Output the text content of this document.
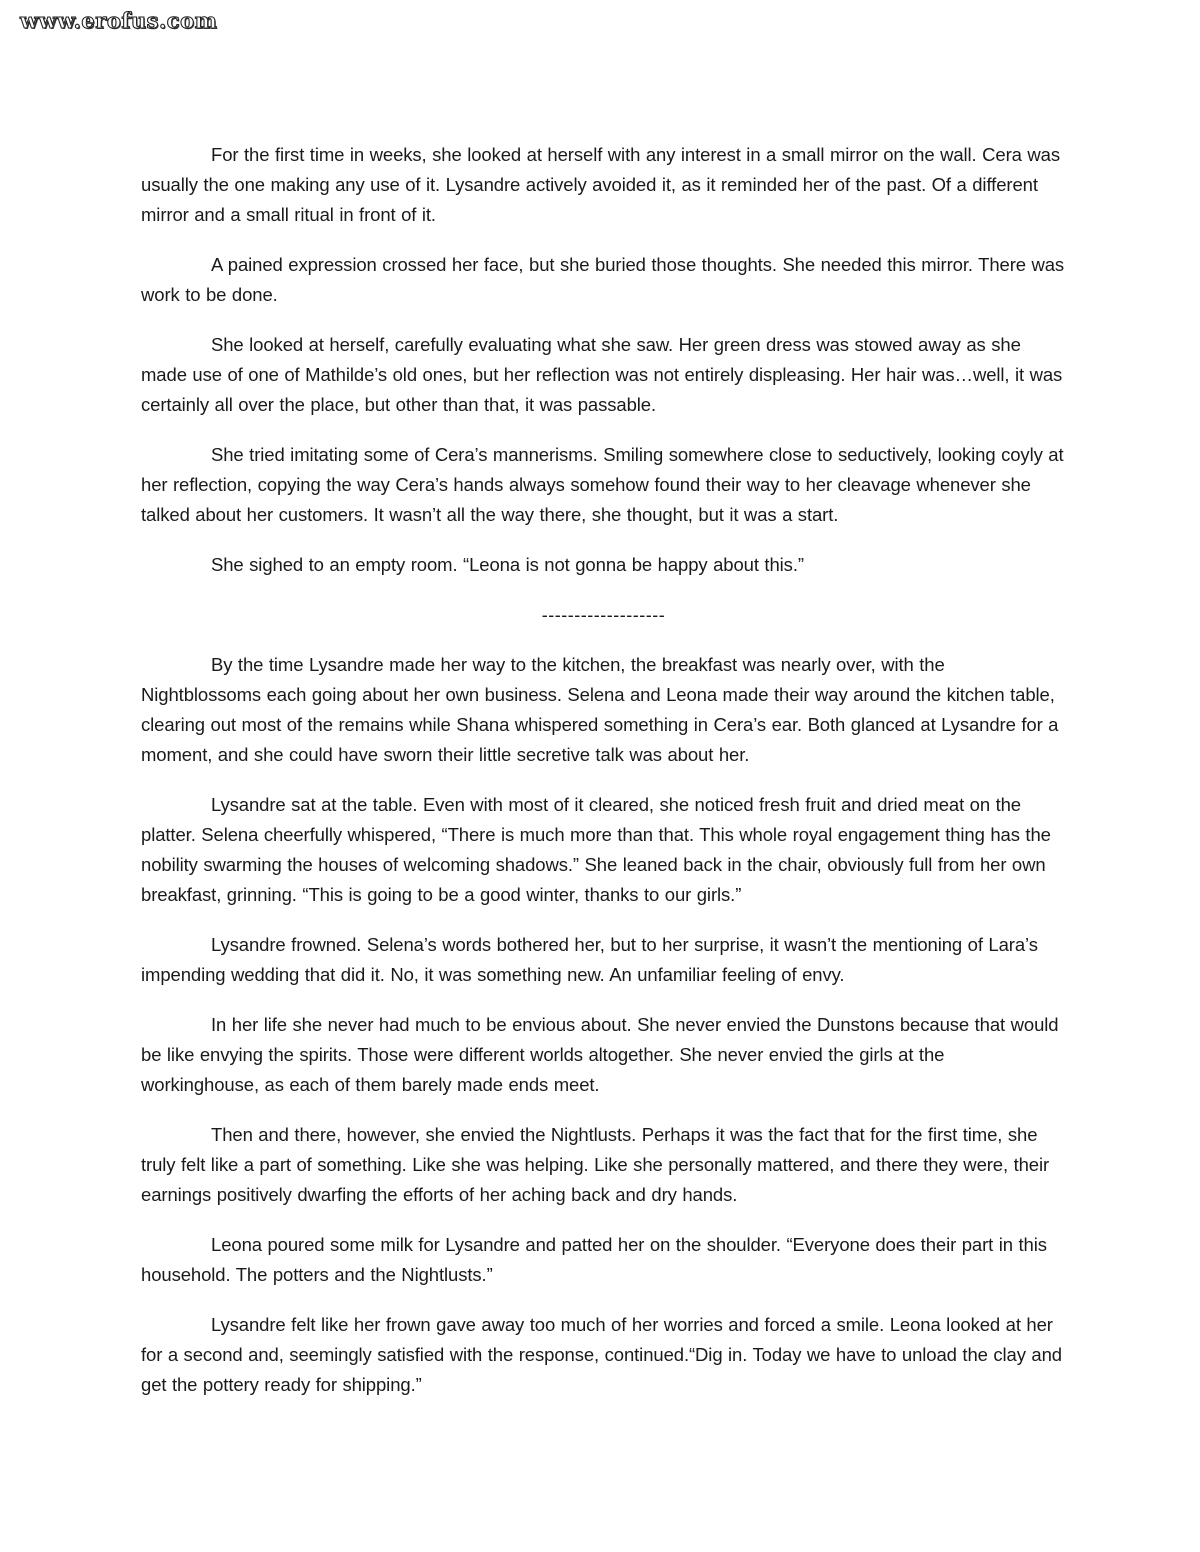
www.erofus.com

For the first time in weeks, she looked at herself with any interest in a small mirror on the wall. Cera was usually the one making any use of it. Lysandre actively avoided it, as it reminded her of the past. Of a different mirror and a small ritual in front of it.

A pained expression crossed her face, but she buried those thoughts. She needed this mirror. There was work to be done.

She looked at herself, carefully evaluating what she saw. Her green dress was stowed away as she made use of one of Mathilde’s old ones, but her reflection was not entirely displeasing. Her hair was…well, it was certainly all over the place, but other than that, it was passable.

She tried imitating some of Cera’s mannerisms. Smiling somewhere close to seductively, looking coyly at her reflection, copying the way Cera’s hands always somehow found their way to her cleavage whenever she talked about her customers. It wasn’t all the way there, she thought, but it was a start.

She sighed to an empty room. “Leona is not gonna be happy about this.”

-------------------

By the time Lysandre made her way to the kitchen, the breakfast was nearly over, with the Nightblossoms each going about her own business. Selena and Leona made their way around the kitchen table, clearing out most of the remains while Shana whispered something in Cera’s ear. Both glanced at Lysandre for a moment, and she could have sworn their little secretive talk was about her.

Lysandre sat at the table. Even with most of it cleared, she noticed fresh fruit and dried meat on the platter. Selena cheerfully whispered, “There is much more than that. This whole royal engagement thing has the nobility swarming the houses of welcoming shadows.” She leaned back in the chair, obviously full from her own breakfast, grinning. “This is going to be a good winter, thanks to our girls.”

Lysandre frowned. Selena’s words bothered her, but to her surprise, it wasn’t the mentioning of Lara’s impending wedding that did it. No, it was something new. An unfamiliar feeling of envy.

In her life she never had much to be envious about. She never envied the Dunstons because that would be like envying the spirits. Those were different worlds altogether. She never envied the girls at the workinghouse, as each of them barely made ends meet.

Then and there, however, she envied the Nightlusts. Perhaps it was the fact that for the first time, she truly felt like a part of something. Like she was helping. Like she personally mattered, and there they were, their earnings positively dwarfing the efforts of her aching back and dry hands.

Leona poured some milk for Lysandre and patted her on the shoulder. “Everyone does their part in this household. The potters and the Nightlusts.”

Lysandre felt like her frown gave away too much of her worries and forced a smile. Leona looked at her for a second and, seemingly satisfied with the response, continued.“Dig in. Today we have to unload the clay and get the pottery ready for shipping.”
